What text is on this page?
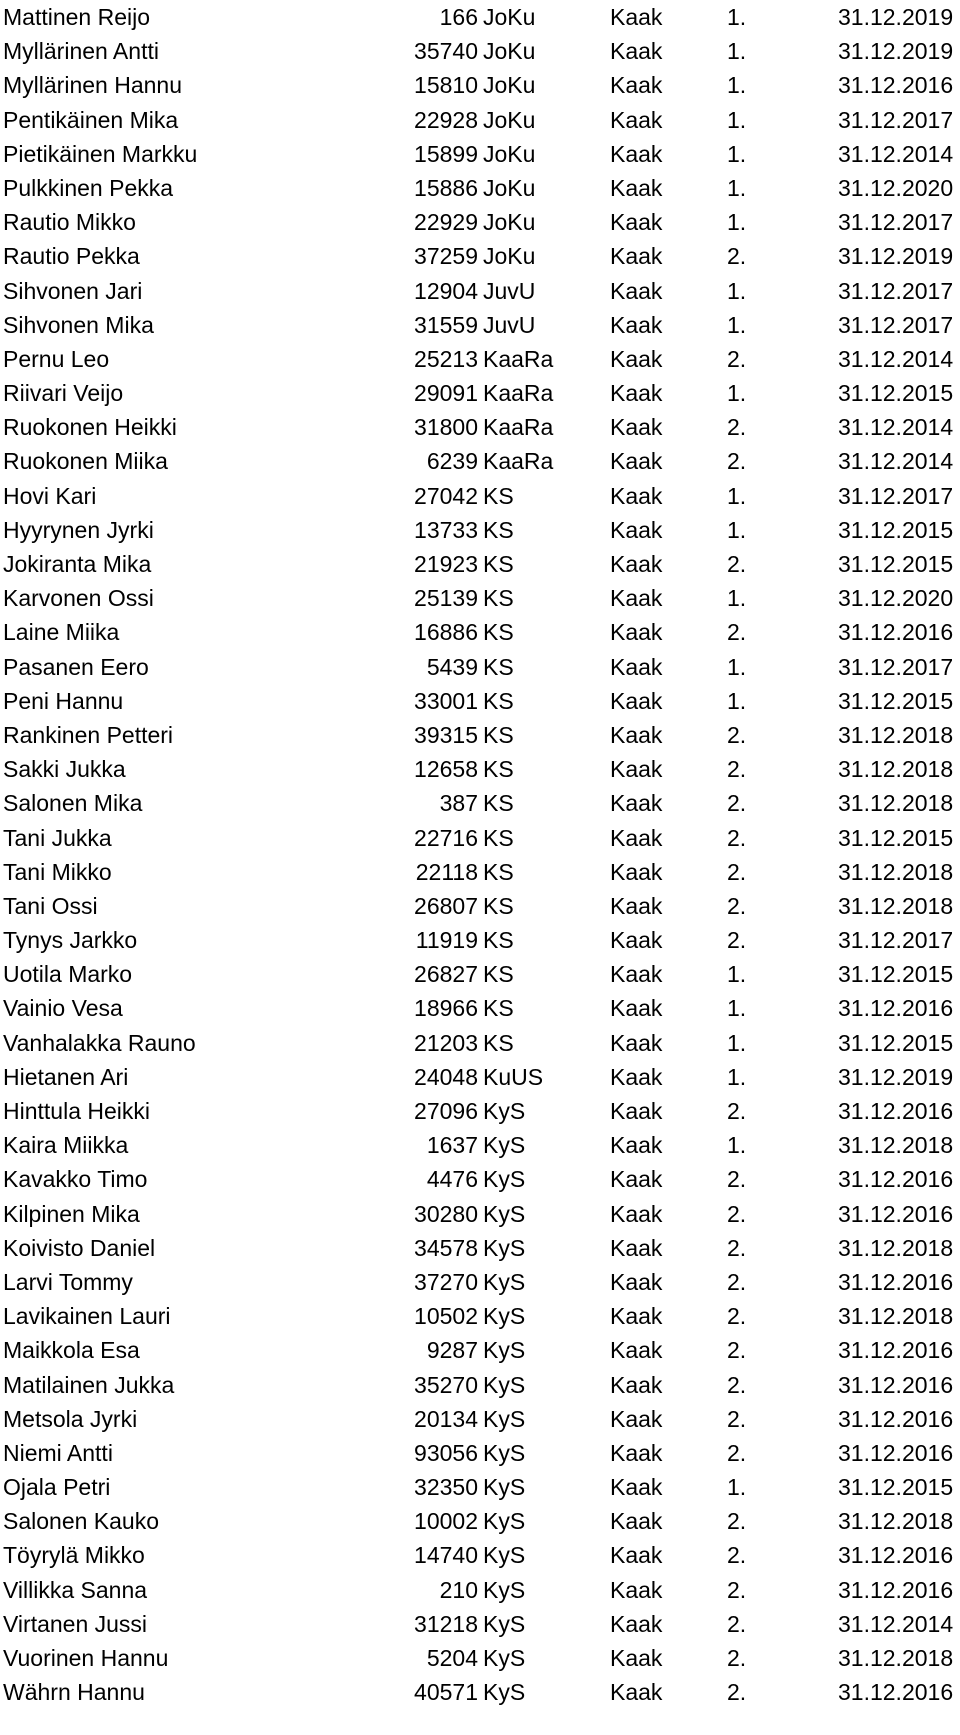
Mattinen Reijo	166 JoKu	Kaak	1.	31.12.2019
Myllärinen Antti	35740 JoKu	Kaak	1.	31.12.2019
Myllärinen Hannu	15810 JoKu	Kaak	1.	31.12.2016
Pentikäinen Mika	22928 JoKu	Kaak	1.	31.12.2017
Pietikäinen Markku	15899 JoKu	Kaak	1.	31.12.2014
Pulkkinen Pekka	15886 JoKu	Kaak	1.	31.12.2020
Rautio Mikko	22929 JoKu	Kaak	1.	31.12.2017
Rautio Pekka	37259 JoKu	Kaak	2.	31.12.2019
Sihvonen Jari	12904 JuvU	Kaak	1.	31.12.2017
Sihvonen Mika	31559 JuvU	Kaak	1.	31.12.2017
Pernu Leo	25213 KaaRa Kaak	2.	31.12.2014
Riivari Veijo	29091 KaaRa Kaak	1.	31.12.2015
Ruokonen Heikki	31800 KaaRa Kaak	2.	31.12.2014
Ruokonen Miika	6239 KaaRa Kaak	2.	31.12.2014
Hovi Kari	27042 KS	Kaak	1.	31.12.2017
Hyyrynen Jyrki	13733 KS	Kaak	1.	31.12.2015
Jokiranta Mika	21923 KS	Kaak	2.	31.12.2015
Karvonen Ossi	25139 KS	Kaak	1.	31.12.2020
Laine Miika	16886 KS	Kaak	2.	31.12.2016
Pasanen Eero	5439 KS	Kaak	1.	31.12.2017
Peni Hannu	33001 KS	Kaak	1.	31.12.2015
Rankinen Petteri	39315 KS	Kaak	2.	31.12.2018
Sakki Jukka	12658 KS	Kaak	2.	31.12.2018
Salonen Mika	387 KS	Kaak	2.	31.12.2018
Tani Jukka	22716 KS	Kaak	2.	31.12.2015
Tani Mikko	22118 KS	Kaak	2.	31.12.2018
Tani Ossi	26807 KS	Kaak	2.	31.12.2018
Tynys Jarkko	11919 KS	Kaak	2.	31.12.2017
Uotila Marko	26827 KS	Kaak	1.	31.12.2015
Vainio Vesa	18966 KS	Kaak	1.	31.12.2016
Vanhalakka Rauno	21203 KS	Kaak	1.	31.12.2015
Hietanen Ari	24048 KuUS	Kaak	1.	31.12.2019
Hinttula Heikki	27096 KyS	Kaak	2.	31.12.2016
Kaira Miikka	1637 KyS	Kaak	1.	31.12.2018
Kavakko Timo	4476 KyS	Kaak	2.	31.12.2016
Kilpinen Mika	30280 KyS	Kaak	2.	31.12.2016
Koivisto Daniel	34578 KyS	Kaak	2.	31.12.2018
Larvi Tommy	37270 KyS	Kaak	2.	31.12.2016
Lavikainen Lauri	10502 KyS	Kaak	2.	31.12.2018
Maikkola Esa	9287 KyS	Kaak	2.	31.12.2016
Matilainen Jukka	35270 KyS	Kaak	2.	31.12.2016
Metsola Jyrki	20134 KyS	Kaak	2.	31.12.2016
Niemi Antti	93056 KyS	Kaak	2.	31.12.2016
Ojala Petri	32350 KyS	Kaak	1.	31.12.2015
Salonen Kauko	10002 KyS	Kaak	2.	31.12.2018
Töyrylä Mikko	14740 KyS	Kaak	2.	31.12.2016
Villikka Sanna	210 KyS	Kaak	2.	31.12.2016
Virtanen Jussi	31218 KyS	Kaak	2.	31.12.2014
Vuorinen Hannu	5204 KyS	Kaak	2.	31.12.2018
Währn Hannu	40571 KyS	Kaak	2.	31.12.2016
